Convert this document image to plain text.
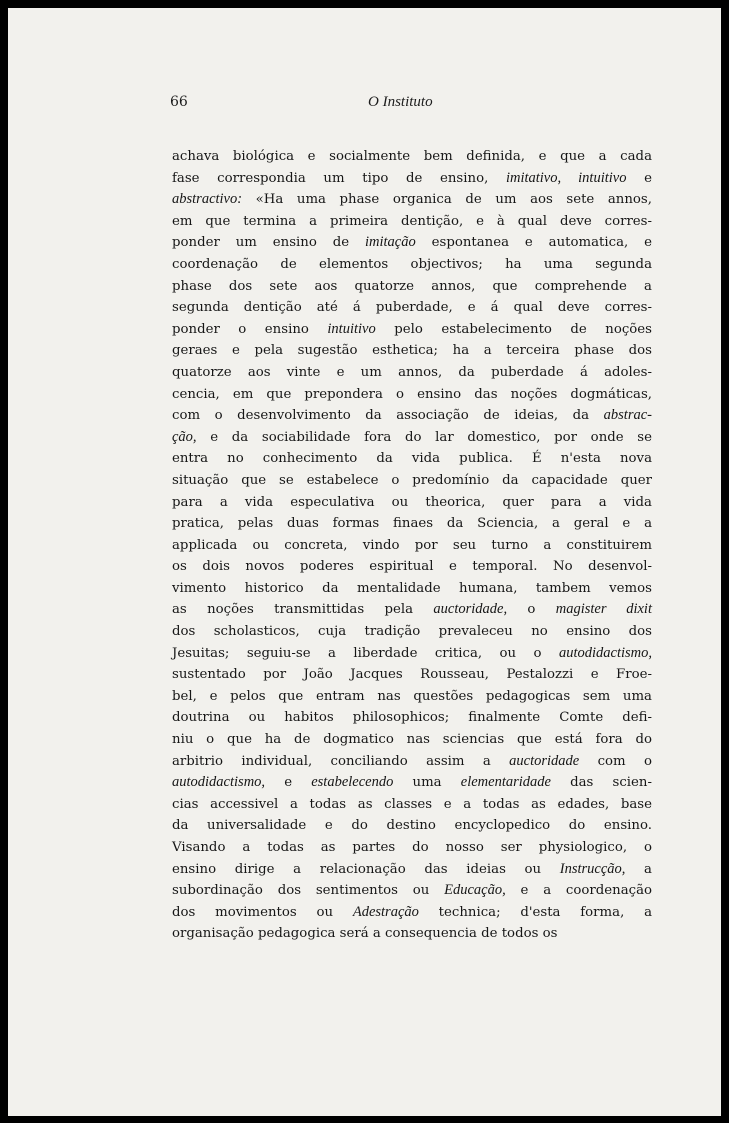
66	O Instituto
achava biológica e socialmente bem definida, e que a cada
fase correspondia um tipo de ensino, imitativo, intuitivo e
abstractivo: «Ha uma phase organica de um aos sete annos,
em que termina a primeira dentição, e à qual deve corres-
ponder um ensino de imitação espontanea e automatica, e
coordenação de elementos objectivos; ha uma segunda
phase dos sete aos quatorze annos, que comprehende a
segunda dentição até á puberdade, e á qual deve corres-
ponder o ensino intuitivo pelo estabelecimento de noções
geraes e pela sugestão esthetica; ha a terceira phase dos
quatorze aos vinte e um annos, da puberdade á adoles-
cencia, em que prepondera o ensino das noções dogmáticas,
com o desenvolvimento da associação de ideias, da abstrac-
ção, e da sociabilidade fora do lar domestico, por onde se
entra no conhecimento da vida publica. É n'esta nova
situação que se estabelece o predomínio da capacidade quer
para a vida especulativa ou theorica, quer para a vida
pratica, pelas duas formas finaes da Sciencia, a geral e a
applicada ou concreta, vindo por seu turno a constituirem
os dois novos poderes espiritual e temporal. No desenvol-
vimento historico da mentalidade humana, tambem vemos
as noções transmittidas pela auctoridade, o magister dixit
dos scholasticos, cuja tradição prevaleceu no ensino dos
Jesuitas; seguiu-se a liberdade critica, ou o autodidactismo,
sustentado por João Jacques Rousseau, Pestalozzi e Froe-
bel, e pelos que entram nas questões pedagogicas sem uma
doutrina ou habitos philosophicos; finalmente Comte defi-
niu o que ha de dogmatico nas sciencias que está fora do
arbitrio individual, conciliando assim a auctoridade com o
autodidactismo, e estabelecendo uma elementaridade das scien-
cias accessivel a todas as classes e a todas as edades, base
da universalidade e do destino encyclopedico do ensino.
Visando a todas as partes do nosso ser physiologico, o
ensino dirige a relacionação das ideias ou Instrucção, a
subordinação dos sentimentos ou Educação, e a coordenação
dos movimentos ou Adestração technica; d'esta forma, a
organisação pedagogica será a consequencia de todos os
